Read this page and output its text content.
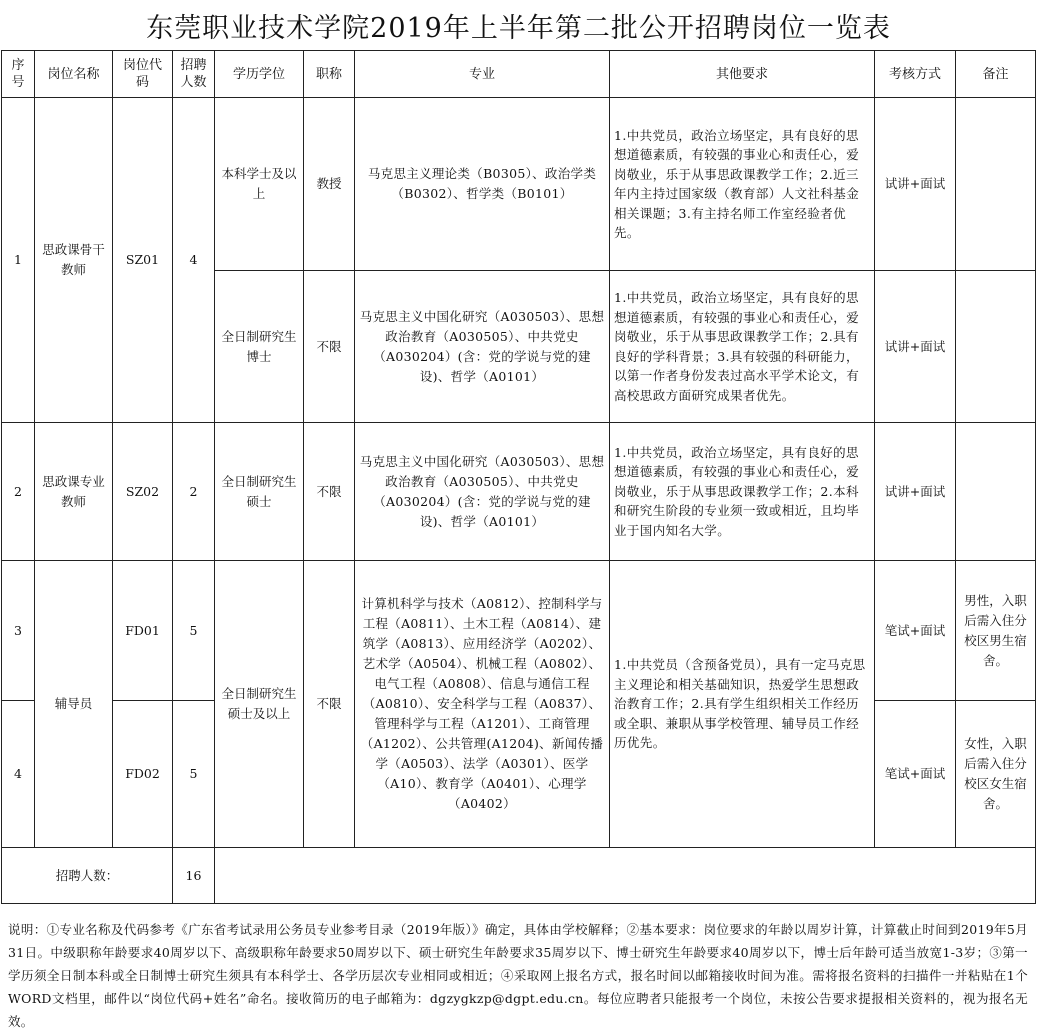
东莞职业技术学院2019年上半年第二批公开招聘岗位一览表
序号	岗位名称	岗位代码	招聘人数	学历学位	职称	专业	其他要求	考核方式	备注
1	思政课骨干教师	SZ01	4	本科学士及以上	教授	马克思主义理论类（B0305）、政治学类（B0302）、哲学类（B0101）	1.中共党员，政治立场坚定，具有良好的思想道德素质，有较强的事业心和责任心，爱岗敬业，乐于从事思政课教学工作；2.近三年内主持过国家级（教育部）人文社科基金相关课题；3.有主持名师工作室经验者优先。	试讲+面试	
				全日制研究生博士	不限	马克思主义中国化研究（A030503）、思想政治教育（A030505）、中共党史（A030204）(含：党的学说与党的建设)、哲学（A0101）	1.中共党员，政治立场坚定，具有良好的思想道德素质，有较强的事业心和责任心，爱岗敬业，乐于从事思政课教学工作；2.具有良好的学科背景；3.具有较强的科研能力，以第一作者身份发表过高水平学术论文，有高校思政方面研究成果者优先。	试讲+面试	
2	思政课专业教师	SZ02	2	全日制研究生硕士	不限	马克思主义中国化研究（A030503）、思想政治教育（A030505）、中共党史（A030204）(含：党的学说与党的建设)、哲学（A0101）	1.中共党员，政治立场坚定，具有良好的思想道德素质，有较强的事业心和责任心，爱岗敬业，乐于从事思政课教学工作；2.本科和研究生阶段的专业须一致或相近，且均毕业于国内知名大学。	试讲+面试	
3	辅导员	FD01	5	全日制研究生硕士及以上	不限	计算机科学与技术（A0812）、控制科学与工程（A0811）、土木工程（A0814）、建筑学（A0813）、应用经济学（A0202）、艺术学（A0504）、机械工程（A0802）、电气工程（A0808）、信息与通信工程（A0810）、安全科学与工程（A0837）、管理科学与工程（A1201）、工商管理（A1202）、公共管理(A1204)、新闻传播学（A0503）、法学（A0301）、医学（A10）、教育学（A0401）、心理学（A0402）	1.中共党员（含预备党员），具有一定马克思主义理论和相关基础知识，热爱学生思想政治教育工作；2.具有学生组织相关工作经历或全职、兼职从事学校管理、辅导员工作经历优先。	笔试+面试	男性，入职后需入住分校区男生宿舍。
4		FD02	5					笔试+面试	女性，入职后需入住分校区女生宿舍。
招聘人数：			16						
说明：①专业名称及代码参考《广东省考试录用公务员专业参考目录（2019年版）》确定，具体由学校解释；②基本要求：岗位要求的年龄以周岁计算，计算截止时间到2019年5月31日。中级职称年龄要求40周岁以下、高级职称年龄要求50周岁以下、硕士研究生年龄要求35周岁以下、博士研究生年龄要求40周岁以下，博士后年龄可适当放宽1-3岁；③第一学历须全日制本科或全日制博士研究生须具有本科学士、各学历层次专业相同或相近；④采取网上报名方式，报名时间以邮箱接收时间为准。需将报名资料的扫描件一并粘贴在1个WORD文档里，邮件以“岗位代码+姓名”命名。接收简历的电子邮箱为：dgzygkzp@dgpt.edu.cn。每位应聘者只能报考一个岗位，未按公告要求提报相关资料的，视为报名无效。
